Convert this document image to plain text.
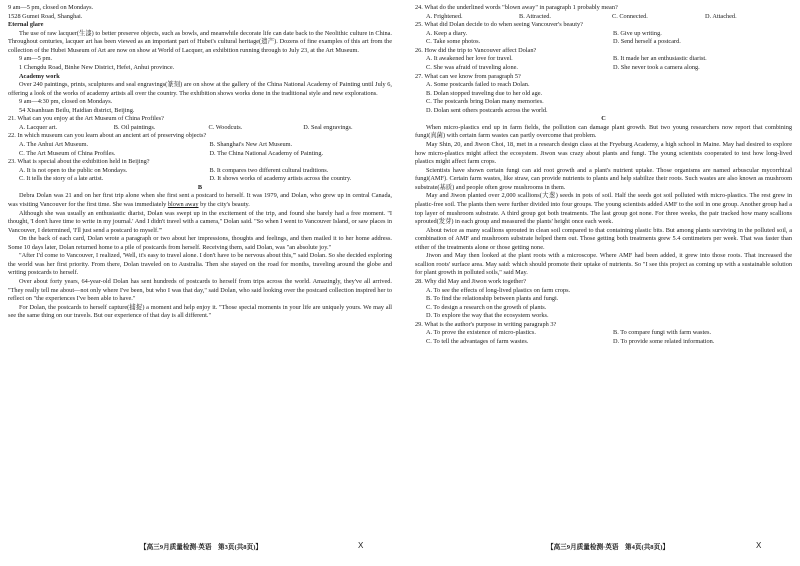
9 am—5 pm, closed on Mondays.

1528 Gumei Road, Shanghai.

Eternal glare

The use of raw lacquer(生漆) to better preserve objects, such as bowls, and meanwhile decorate life can date back to the Neolithic culture in China. Throughout centuries, lacquer art has been viewed as an important part of Hubei's cultural heritage(遗产). Dozens of fine examples of this art from the collection of the Hubei Museum of Art are now on show at World of Lacquer, an exhibition running through to July 23, at the Art Museum.

9 am—5 pm.

1 Chengdu Road, Binhe New District, Hefei, Anhui province.

Academy work

Over 240 paintings, prints, sculptures and seal engravings(篆刻) are on show at the gallery of the China National Academy of Painting until July 6, offering a look of the works of academy artists all over the country. The exhibition shows works done in the traditional style and new explorations.

9 am—4:30 pm, closed on Mondays.

54 Xisanhuan Beilu, Haidian district, Beijing.

21. What can you enjoy at the Art Museum of China Profiles?

A. Lacquer art.	B. Oil paintings.	C. Woodcuts.	D. Seal engravings.

22. In which museum can you learn about an ancient art of preserving objects?

A. The Anhui Art Museum.	B. Shanghai's New Art Museum.
C. The Art Museum of China Profiles.	D. The China National Academy of Painting.

23. What is special about the exhibition held in Beijing?

A. It is not open to the public on Mondays.	B. It compares two different cultural traditions.
C. It tells the story of a late artist.	D. It shows works of academy artists across the country.

B

Debra Dolan was 21 and on her first trip alone when she first sent a postcard to herself. It was 1979, and Dolan, who grew up in central Canada, was visiting Vancouver for the first time. She was immediately blown away by the city's beauty.

Although she was usually an enthusiastic diarist, Dolan was swept up in the excitement of the trip, and found she barely had a free moment. "I thought, 'I don't have time to write in my journal.' And I didn't travel with a camera," Dolan said. "So when I went to Vancouver Island, or saw places in Vancouver, I determined, 'I'll just send a postcard to myself.'"

On the back of each card, Dolan wrote a paragraph or two about her impressions, thoughts and feelings, and then mailed it to her home address. Some 10 days later, Dolan returned home to a pile of postcards from herself. Receiving them, said Dolan, was "an absolute joy."

"After I'd come to Vancouver, I realized, 'Well, it's easy to travel alone. I don't have to be nervous about this,'" said Dolan. So she decided exploring the world was her first priority. From there, Dolan traveled on to Australia. Then she stayed on the road for months, traveling around the globe and writing postcards to herself.

Over about forty years, 64-year-old Dolan has sent hundreds of postcards to herself from trips across the world. Amazingly, they've all arrived. "They really tell me about—not only where I've been, but who I was that day," said Dolan, who said looking over the postcard collection inspired her to reflect on "the experiences I've been able to have."

For Dolan, the postcards to herself capture(捕捉) a moment and help enjoy it. "Those special moments in your life are uniquely yours. We may all see the same thing on our travels. But our experience of that day is all different."

24. What do the underlined words "blown away" in paragraph 1 probably mean?

A. Frightened.	B. Attracted.	C. Connected.	D. Attached.

25. What did Dolan decide to do when seeing Vancouver's beauty?

A. Keep a diary.	B. Give up writing.
C. Take some photos.	D. Send herself a postcard.

26. How did the trip to Vancouver affect Dolan?

A. It awakened her love for travel.	B. It made her an enthusiastic diarist.
C. She was afraid of traveling alone.	D. She never took a camera along.

27. What can we know from paragraph 5?

A. Some postcards failed to reach Dolan.
B. Dolan stopped traveling due to her old age.
C. The postcards bring Dolan many memories.
D. Dolan sent others postcards across the world.

C

When micro-plastics end up in farm fields, the pollution can damage plant growth. But two young researchers now report that combining fungi(真菌) with certain farm wastes can partly overcome that problem.

May Shin, 20, and Jiwon Choi, 18, met in a research design class at the Fryeburg Academy, a high school in Maine. May had desired to explore how micro-plastics might affect the ecosystem. Jiwon was crazy about plants and fungi. The young scientists cooperated to test how long-lived plastics might affect farm crops.

Scientists have shown certain fungi can aid root growth and a plant's nutrient uptake. Those organisms are named arbuscular mycorrhizal fungi(AMF). Certain farm wastes, like straw, can provide nutrients to plants and help stabilize their roots. Such wastes are also known as mushroom substrate(基质) and people often grow mushrooms in them.

May and Jiwon planted over 2,000 scallions(大葱) seeds in pots of soil. Half the seeds got soil polluted with micro-plastics. The rest grew in plastic-free soil. The plants then were further divided into four groups. The young scientists added AMF to the soil in one group. Another group had a top layer of mushroom substrate. A third group got both treatments. The last group got none. For three weeks, the pair tracked how many scallions sprouted(发芽) in each group and measured the plants' height once each week.

About twice as many scallions sprouted in clean soil compared to that containing plastic bits. But among plants surviving in the polluted soil, a combination of AMF and mushroom substrate helped them out. Those getting both treatments grew 5.4 centimeters per week. That was faster than either of the treatments alone or those getting none.

Jiwon and May then looked at the plant roots with a microscope. Where AMF had been added, it grew into those roots. That increased the scallion roots' surface area. May said: which should promote their uptake of nutrients. So "I see this project as coming up with a sustainable solution for plant growth in polluted soils," said May.

28. Why did May and Jiwon work together?

A. To see the effects of long-lived plastics on farm crops.
B. To find the relationship between plants and fungi.
C. To design a research on the growth of plants.
D. To explore the way that the ecosystem works.

29. What is the author's purpose in writing paragraph 3?

A. To prove the existence of micro-plastics.	B. To compare fungi with farm wastes.
C. To tell the advantages of farm wastes.	D. To provide some related information.
【高三9月质量检测·英语　第3页(共8页)】	X	【高三9月质量检测·英语　第4页(共8页)】	X
